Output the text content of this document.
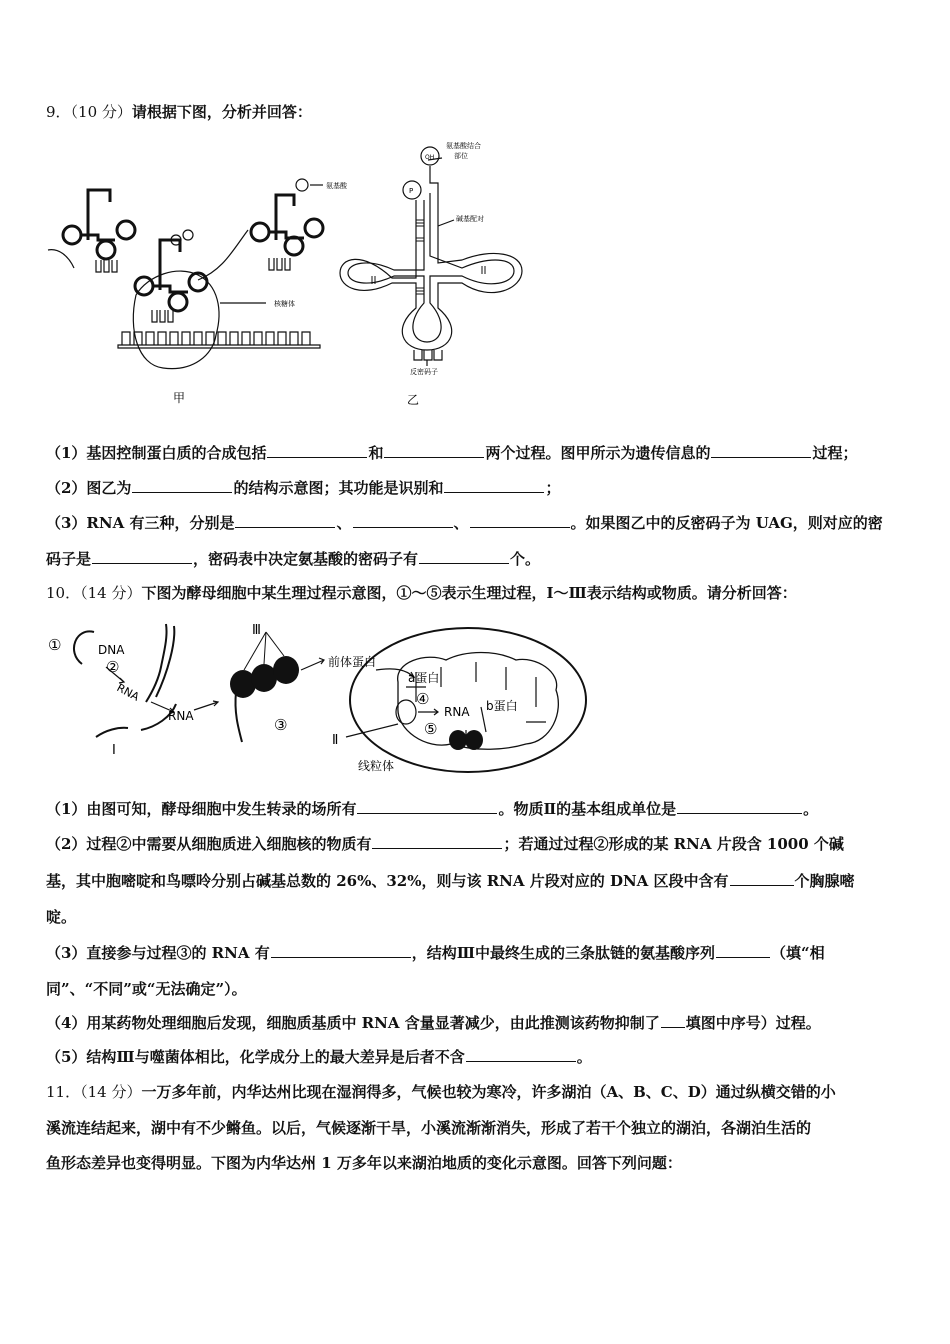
9．（10 分）请根据下图，分析并回答：
氨基酸
核糖体
甲
OH
P
氨基酸结合
部位
碱基配对
反密码子
乙
（1）基因控制蛋白质的合成包括	和	两个过程。图甲所示为遗传信息的	过程；
（2）图乙为	的结构示意图；其功能是识别和	；
（3）RNA 有三种，分别是	、	、	。如果图乙中的反密码子为 UAG，则对应的密
码子是	，密码表中决定氨基酸的密码子有	个。
10．（14 分）下图为酵母细胞中某生理过程示意图，①～⑤表示生理过程，Ⅰ～Ⅲ表示结构或物质。请分析回答：
①	DNA
②
RNA
RNA
Ⅰ
Ⅲ
③
前体蛋白
a蛋白
④
RNA
⑤
b蛋白
Ⅱ
线粒体
（1）由图可知，酵母细胞中发生转录的场所有	。物质Ⅱ的基本组成单位是	。
（2）过程②中需要从细胞质进入细胞核的物质有	；若通过过程②形成的某 RNA 片段含 1000 个碱
基，其中胞嘧啶和鸟嘌呤分别占碱基总数的 26%、32%，则与该 RNA 片段对应的 DNA 区段中含有	个胸腺嘧
啶。
（3）直接参与过程③的 RNA 有	，结构Ⅲ中最终生成的三条肽链的氨基酸序列	（填“相
同”、“不同”或“无法确定”）。
（4）用某药物处理细胞后发现，细胞质基质中 RNA 含量显著减少，由此推测该药物抑制了 填图中序号）过程。
（5）结构Ⅲ与噬菌体相比，化学成分上的最大差异是后者不含	。
11．（14 分）一万多年前，内华达州比现在湿润得多，气候也较为寒冷，许多湖泊（A、B、C、D）通过纵横交错的小
溪流连结起来，湖中有不少鳉鱼。以后，气候逐渐干旱，小溪流渐渐消失，形成了若干个独立的湖泊，各湖泊生活的
鱼形态差异也变得明显。下图为内华达州 1 万多年以来湖泊地质的变化示意图。回答下列问题：
